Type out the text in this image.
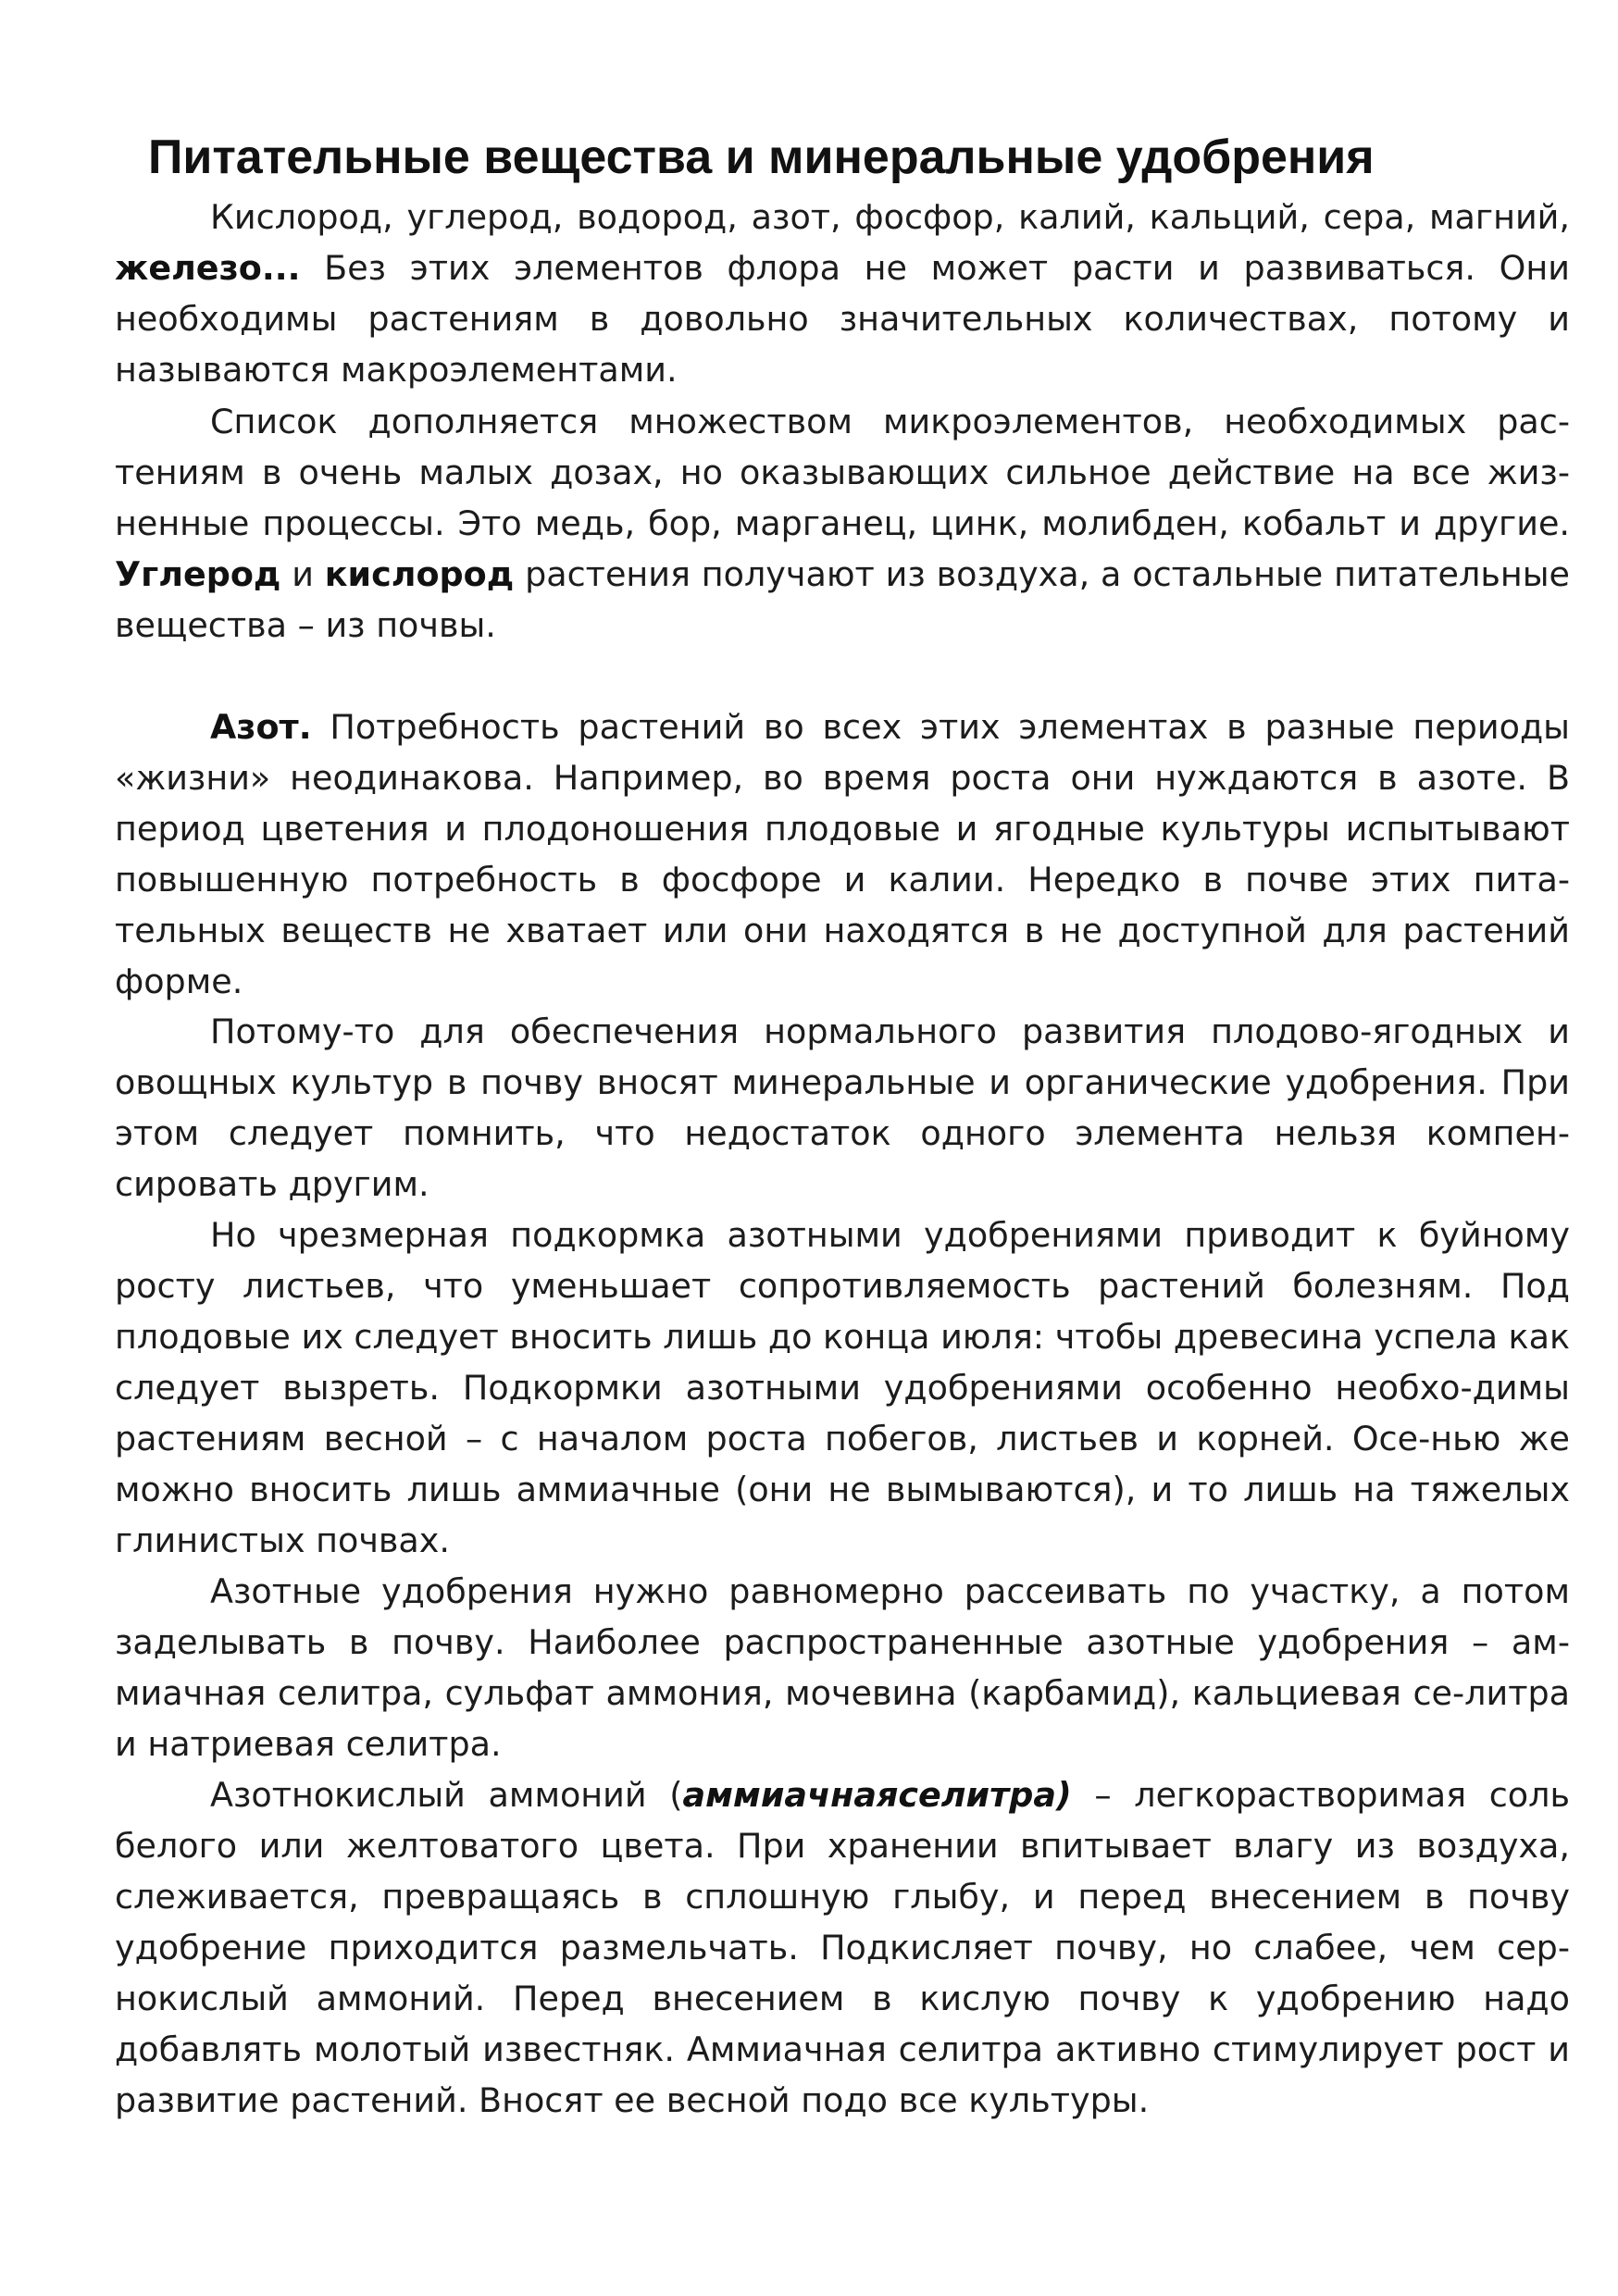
Питательные вещества и минеральные удобрения

Кислород, углерод, водород, азот, фосфор, калий, кальций, сера, магний, железо... Без этих элементов флора не может расти и развиваться. Они необходимы растениям в довольно значительных количествах, потому и называются макроэлементами.

Список дополняется множеством микроэлементов, необходимых рас-тениям в очень малых дозах, но оказывающих сильное действие на все жиз-ненные процессы. Это медь, бор, марганец, цинк, молибден, кобальт и другие. Углерод и кислород растения получают из воздуха, а остальные питательные вещества – из почвы.

Азот. Потребность растений во всех этих элементах в разные периоды «жизни» неодинакова. Например, во время роста они нуждаются в азоте. В период цветения и плодоношения плодовые и ягодные культуры испытывают повышенную потребность в фосфоре и калии. Нередко в почве этих пита-тельных веществ не хватает или они находятся в не доступной для растений форме.

Потому-то для обеспечения нормального развития плодово-ягодных и овощных культур в почву вносят минеральные и органические удобрения. При этом следует помнить, что недостаток одного элемента нельзя компен-сировать другим.

Но чрезмерная подкормка азотными удобрениями приводит к буйному росту листьев, что уменьшает сопротивляемость растений болезням. Под плодовые их следует вносить лишь до конца июля: чтобы древесина успела как следует вызреть. Подкормки азотными удобрениями особенно необхо-димы растениям весной – с началом роста побегов, листьев и корней. Осе-нью же можно вносить лишь аммиачные (они не вымываются), и то лишь на тяжелых глинистых почвах.

Азотные удобрения нужно равномерно рассеивать по участку, а потом заделывать в почву. Наиболее распространенные азотные удобрения – ам-миачная селитра, сульфат аммония, мочевина (карбамид), кальциевая се-литра и натриевая селитра.

Азотнокислый аммоний (аммиачнаяселитра) – легкорастворимая соль белого или желтоватого цвета. При хранении впитывает влагу из воздуха, слеживается, превращаясь в сплошную глыбу, и перед внесением в почву удобрение приходится размельчать. Подкисляет почву, но слабее, чем сер-нокислый аммоний. Перед внесением в кислую почву к удобрению надо добавлять молотый известняк. Аммиачная селитра активно стимулирует рост и развитие растений. Вносят ее весной подо все культуры.
